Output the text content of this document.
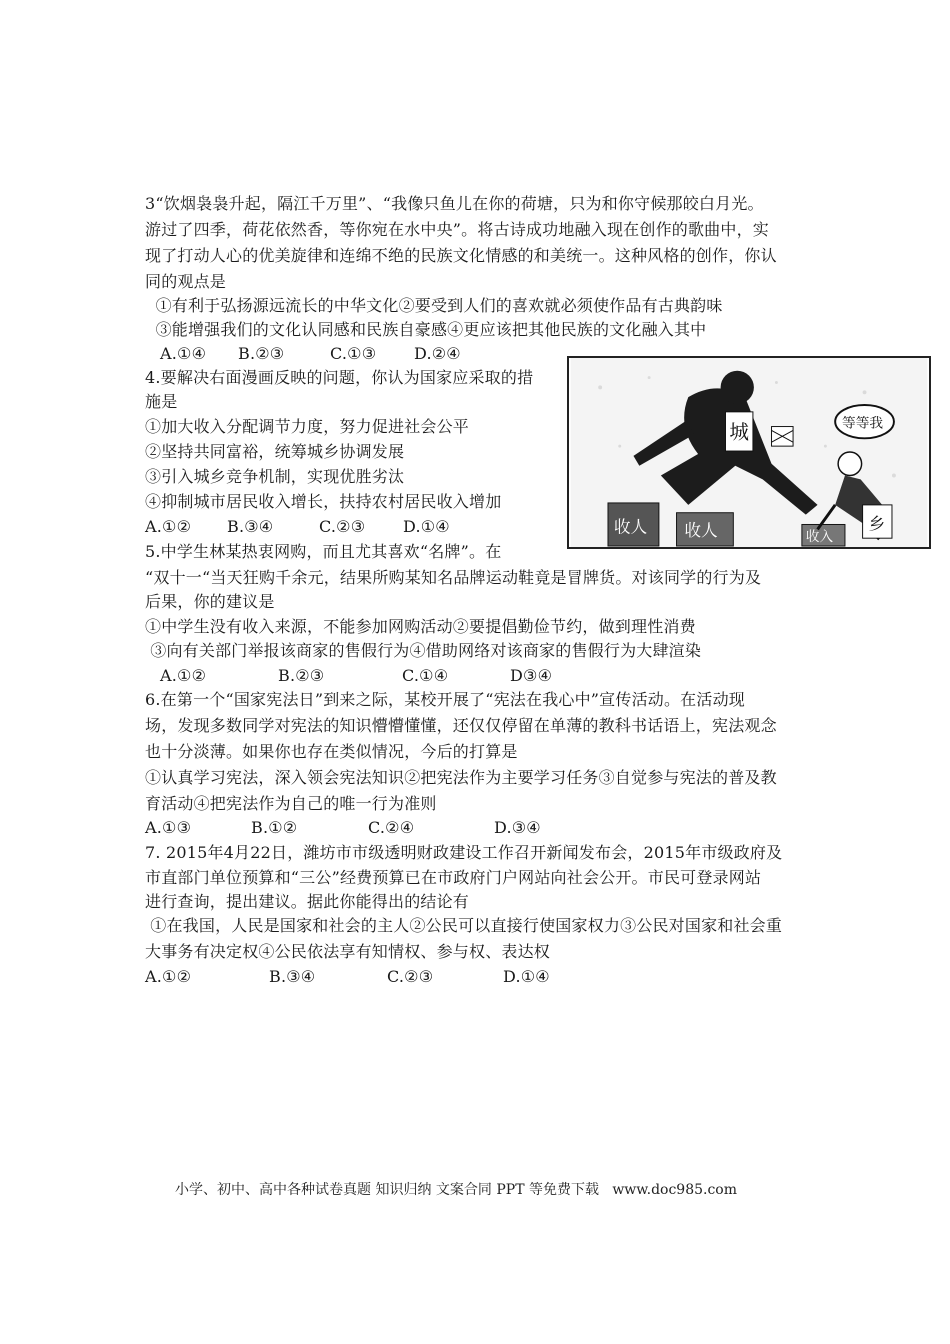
3“饮烟袅袅升起，隔江千万里”、“我像只鱼儿在你的荷塘，只为和你守候那皎白月光。
游过了四季，荷花依然香，等你宛在水中央”。将古诗成功地融入现在创作的歌曲中，实
现了打动人心的优美旋律和连绵不绝的民族文化情感的和美统一。这种风格的创作，你认
同的观点是
①有利于弘扬源远流长的中华文化②要受到人们的喜欢就必须使作品有古典韵味
③能增强我们的文化认同感和民族自豪感④更应该把其他民族的文化融入其中
A.①④ B.②③	C.①③ D.②④
4.要解决右面漫画反映的问题，你认为国家应采取的措
施是
①加大收入分配调节力度，努力促进社会公平
②坚持共同富裕，统筹城乡协调发展
③引入城乡竞争机制，实现优胜劣汰
④抑制城市居民收入增长，扶持农村居民收入增加
A.①② B.③④	C.②③ D.①④	收人 收人	收入
城	等等我
乡
5.中学生林某热衷网购，而且尤其喜欢“名牌”。在
“双十一“当天狂购千余元，结果所购某知名品牌运动鞋竟是冒牌货。对该同学的行为及
后果，你的建议是
①中学生没有收入来源，不能参加网购活动②要提倡勤俭节约，做到理性消费
③向有关部门举报该商家的售假行为④借助网络对该商家的售假行为大肆渲染
A.①②	B.②③	C.①④	D③④
6.在第一个“国家宪法日”到来之际，某校开展了“宪法在我心中”宣传活动。在活动现
场，发现多数同学对宪法的知识懵懵懂懂，还仅仅停留在单薄的教科书话语上，宪法观念
也十分淡薄。如果你也存在类似情况，今后的打算是
①认真学习宪法，深入领会宪法知识②把宪法作为主要学习任务③自觉参与宪法的普及教
育活动④把宪法作为自己的唯一行为准则
A.①③	B.①②	C.②④	D.③④
7. 2015年4月22日，潍坊市市级透明财政建设工作召开新闻发布会，2015年市级政府及
市直部门单位预算和“三公”经费预算已在市政府门户网站向社会公开。市民可登录网站
进行查询，提出建议。据此你能得出的结论有
①在我国，人民是国家和社会的主人②公民可以直接行使国家权力③公民对国家和社会重
大事务有决定权④公民依法享有知情权、参与权、表达权
A.①②	B.③④	C.②③	D.①④
小学、初中、高中各种试卷真题 知识归纳 文案合同 PPT 等免费下载   www.doc985.com
